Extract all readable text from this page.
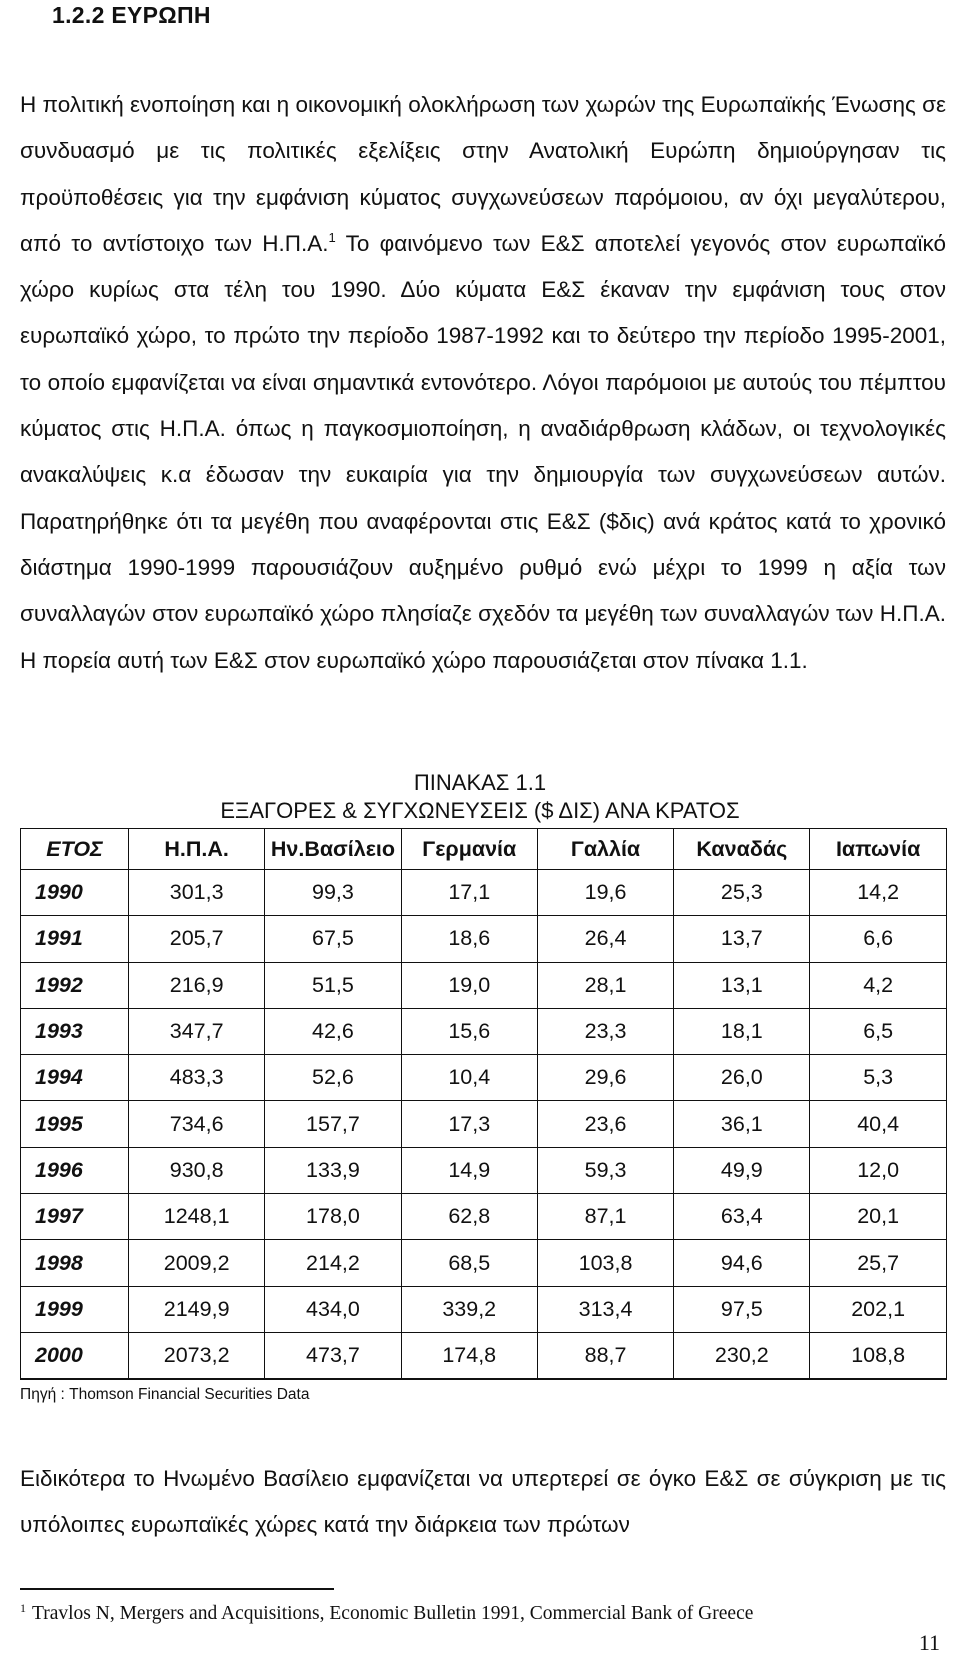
1.2.2 ΕΥΡΩΠΗ

Η πολιτική ενοποίηση και η οικονομική ολοκλήρωση των χωρών της Ευρωπαϊκής Ένωσης σε συνδυασμό με τις πολιτικές εξελίξεις στην Ανατολική Ευρώπη δημιούργησαν τις προϋποθέσεις για την εμφάνιση κύματος συγχωνεύσεων παρόμοιου, αν όχι μεγαλύτερου, από το αντίστοιχο των Η.Π.Α.$^1$ Το φαινόμενο των Ε&Σ αποτελεί γεγονός στον ευρωπαϊκό χώρο κυρίως στα τέλη του 1990. Δύο κύματα Ε&Σ έκαναν την εμφάνιση τους στον ευρωπαϊκό χώρο, το πρώτο την περίοδο 1987-1992 και το δεύτερο την περίοδο 1995-2001, το οποίο εμφανίζεται να είναι σημαντικά εντονότερο. Λόγοι παρόμοιοι με αυτούς του πέμπτου κύματος στις Η.Π.Α. όπως η παγκοσμιοποίηση, η αναδιάρθρωση κλάδων, οι τεχνολογικές ανακαλύψεις κ.α έδωσαν την ευκαιρία για την δημιουργία των συγχωνεύσεων αυτών. Παρατηρήθηκε ότι τα μεγέθη που αναφέρονται στις Ε&Σ ($δις) ανά κράτος κατά το χρονικό διάστημα 1990-1999 παρουσιάζουν αυξημένο ρυθμό ενώ μέχρι το 1999 η αξία των συναλλαγών στον ευρωπαϊκό χώρο πλησίαζε σχεδόν τα μεγέθη των συναλλαγών των Η.Π.Α. Η πορεία αυτή των Ε&Σ στον ευρωπαϊκό χώρο παρουσιάζεται στον πίνακα 1.1.

ΠΙΝΑΚΑΣ 1.1
ΕΞΑΓΟΡΕΣ & ΣΥΓΧΩΝΕΥΣΕΙΣ ($ ΔΙΣ) ΑΝΑ ΚΡΑΤΟΣ
ΕΤΟΣ	Η.Π.Α.	Ην.Βασίλειο	Γερμανία	Γαλλία	Καναδάς	Ιαπωνία
1990	301,3	99,3	17,1	19,6	25,3	14,2
1991	205,7	67,5	18,6	26,4	13,7	6,6
1992	216,9	51,5	19,0	28,1	13,1	4,2
1993	347,7	42,6	15,6	23,3	18,1	6,5
1994	483,3	52,6	10,4	29,6	26,0	5,3
1995	734,6	157,7	17,3	23,6	36,1	40,4
1996	930,8	133,9	14,9	59,3	49,9	12,0
1997	1248,1	178,0	62,8	87,1	63,4	20,1
1998	2009,2	214,2	68,5	103,8	94,6	25,7
1999	2149,9	434,0	339,2	313,4	97,5	202,1
2000	2073,2	473,7	174,8	88,7	230,2	108,8
Πηγή : Thomson Financial Securities Data

Ειδικότερα το Ηνωμένο Βασίλειο εμφανίζεται να υπερτερεί σε όγκο Ε&Σ σε σύγκριση με τις υπόλοιπες ευρωπαϊκές χώρες κατά την διάρκεια των πρώτων

$^1$ Travlos N, Mergers and Acquisitions, Economic Bulletin 1991, Commercial Bank of Greece
11
